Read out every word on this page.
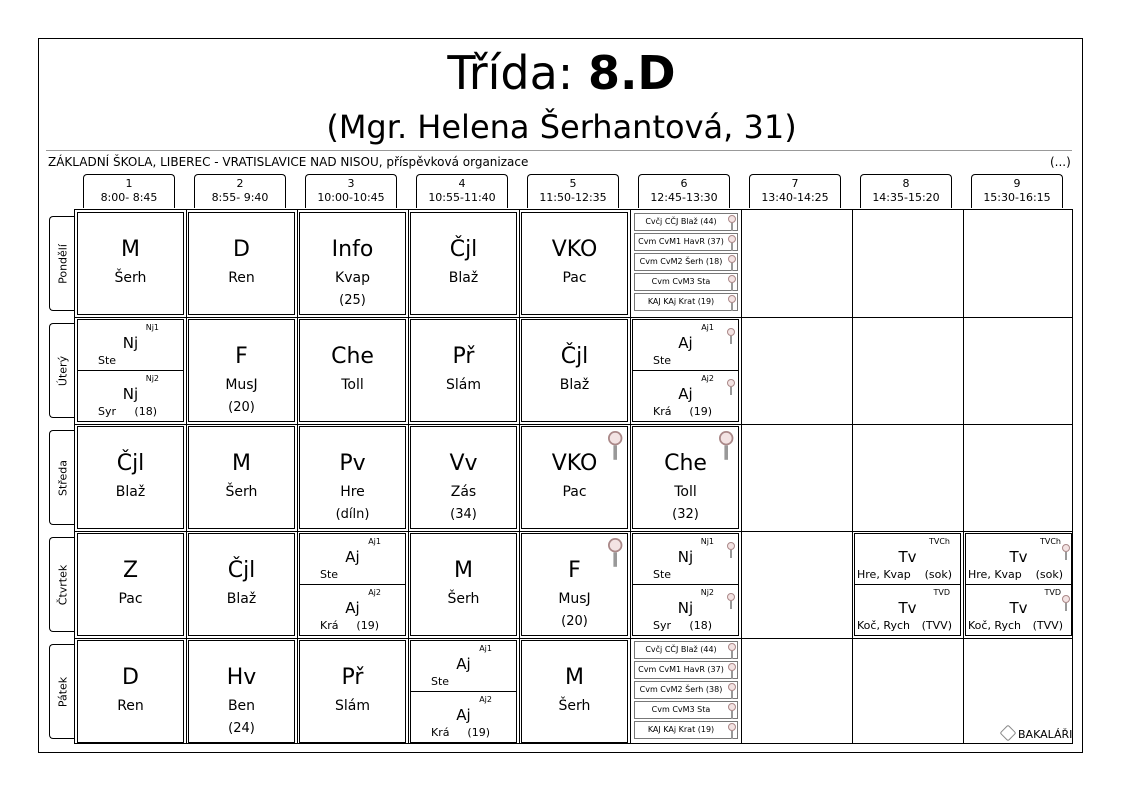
Třída: 8.D
(Mgr. Helena Šerhantová, 31)
ZÁKLADNÍ ŠKOLA, LIBEREC - VRATISLAVICE NAD NISOU, příspěvková organizace	(...)
BAKALÁŘI
1
8:00- 8:45
2
8:55- 9:40
3
10:00-10:45
4
10:55-11:40
5
11:50-12:35
6
12:45-13:30
7
13:40-14:25
8
14:35-15:20
9
15:30-16:15
Pondělí
Úterý
Středa
Čtvrtek
Pátek
M
Šerh
D
Ren
Info
Kvap
(25)
Čjl
Blaž
VKO
Pac
Cvčj CČJ Blaž (44)
Cvm CvM1 HavR (37)
Cvm CvM2 Šerh (18)
Cvm CvM3 Sta
KAJ KAj Krat (19)
Nj1
Nj
Ste
Nj2
Nj
Syr (18)
F
MusJ
(20)
Che
Toll
Př
Slám
Čjl
Blaž
Aj1
Aj
Ste
Aj2
Aj
Krá (19)
Čjl
Blaž
M
Šerh
Pv
Hre
(díln)
Vv
Zás
(34)
VKO
Pac
Che
Toll
(32)
Z
Pac
Čjl
Blaž
Aj1
Aj
Ste
Aj2
Aj
Krá (19)
M
Šerh
F
MusJ
(20)
Nj1
Nj
Ste
Nj2
Nj
Syr (18)
TVCh
Tv
Hre, Kvap (sok)
TVD
Tv
Koč, Rych (TVV)
TVCh
Tv
Hre, Kvap (sok)
TVD
Tv
Koč, Rych (TVV)
D
Ren
Hv
Ben
(24)
Př
Slám
Aj1
Aj
Ste
Aj2
Aj
Krá (19)
M
Šerh
Cvčj CČJ Blaž (44)
Cvm CvM1 HavR (37)
Cvm CvM2 Šerh (38)
Cvm CvM3 Sta
KAJ KAj Krat (19)
